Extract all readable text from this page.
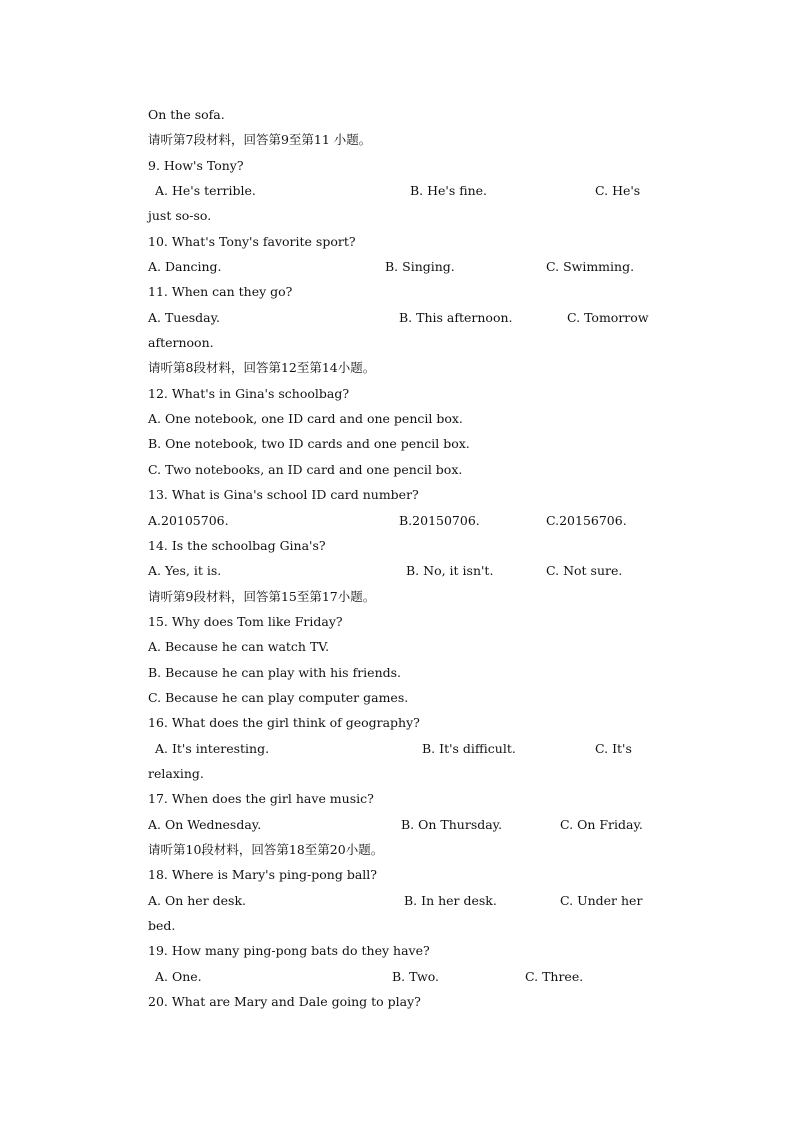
On the sofa.
请听第7段材料，回答第9至第11 小题。
9. How's Tony?

A. He's terrible.

	B. He's fine.

	C. He's

just so-so.
10. What's Tony's favorite sport?

A. Dancing.

	B. Singing.

	C. Swimming.

11. When can they go?

A. Tuesday.

	B. This afternoon.

	C. Tomorrow

afternoon.
请听第8段材料，回答第12至第14小题。
12. What's in Gina's schoolbag?
A. One notebook, one ID card and one pencil box.
B. One notebook, two ID cards and one pencil box.
C. Two notebooks, an ID card and one pencil box.
13. What is Gina's school ID card number?

A.20105706.

	B.20150706.

	C.20156706.

14. Is the schoolbag Gina's?

A. Yes, it is.

	B. No, it isn't.

	C. Not sure.

请听第9段材料，回答第15至第17小题。
15. Why does Tom like Friday?
A. Because he can watch TV.
B. Because he can play with his friends.
C. Because he can play computer games.
16. What does the girl think of geography?

A. It's interesting.

	B. It's difficult.

	C. It's

relaxing.
17. When does the girl have music?

A. On Wednesday.

	B. On Thursday.

	C. On Friday.

请听第10段材料，回答第18至第20小题。
18. Where is Mary's ping-pong ball?

A. On her desk.

	B. In her desk.

	C. Under her

bed.
19. How many ping-pong bats do they have?

A. One.

	B. Two.

	C. Three.

20. What are Mary and Dale going to play?
